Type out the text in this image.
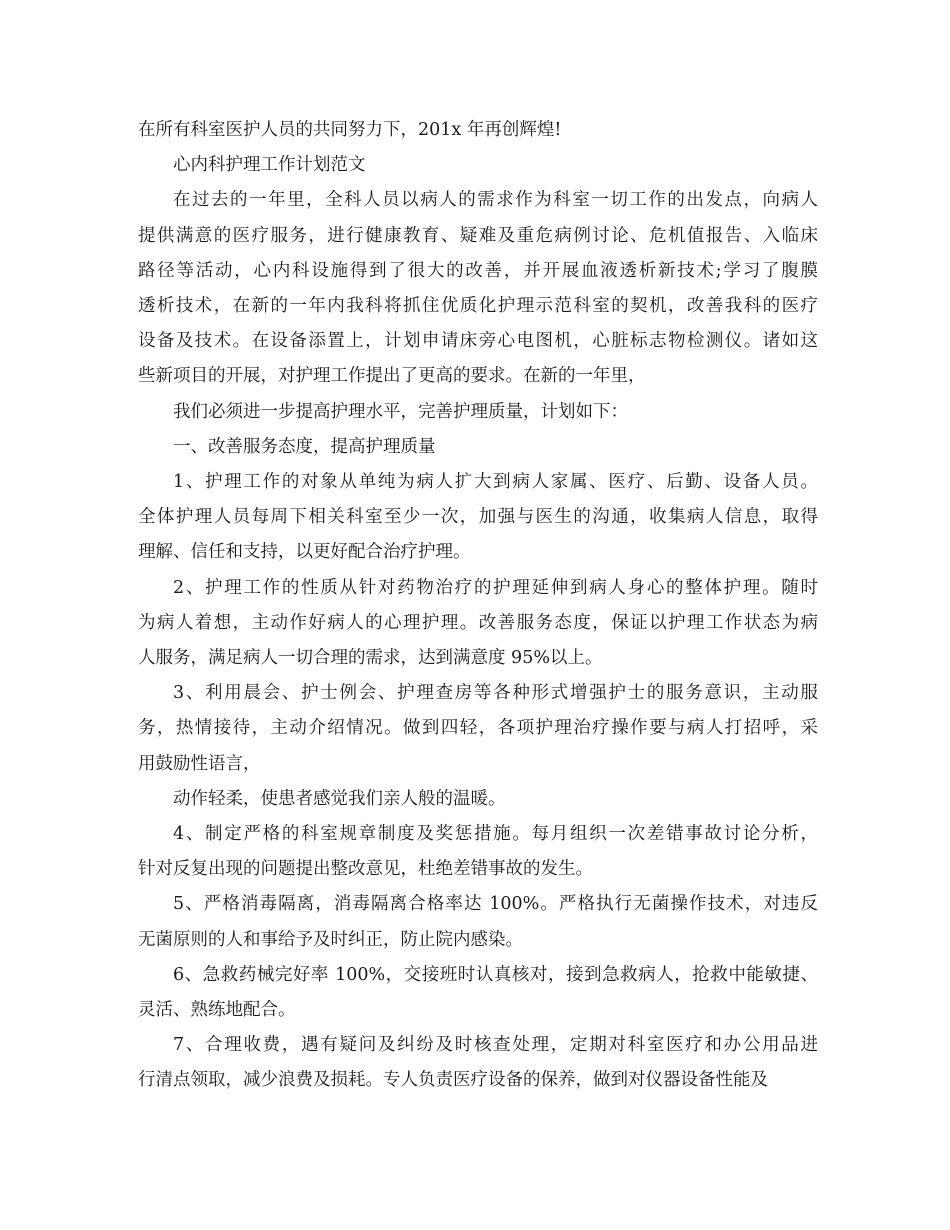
在所有科室医护人员的共同努力下，201x 年再创辉煌!
心内科护理工作计划范文
在过去的一年里，全科人员以病人的需求作为科室一切工作的出发点，向病人
提供满意的医疗服务，进行健康教育、疑难及重危病例讨论、危机值报告、入临床
路径等活动，心内科设施得到了很大的改善，并开展血液透析新技术;学习了腹膜
透析技术，在新的一年内我科将抓住优质化护理示范科室的契机，改善我科的医疗
设备及技术。在设备添置上，计划申请床旁心电图机，心脏标志物检测仪。诸如这
些新项目的开展，对护理工作提出了更高的要求。在新的一年里，
我们必须进一步提高护理水平，完善护理质量，计划如下：
一、改善服务态度，提高护理质量
1、护理工作的对象从单纯为病人扩大到病人家属、医疗、后勤、设备人员。
全体护理人员每周下相关科室至少一次，加强与医生的沟通，收集病人信息，取得
理解、信任和支持，以更好配合治疗护理。
2、护理工作的性质从针对药物治疗的护理延伸到病人身心的整体护理。随时
为病人着想，主动作好病人的心理护理。改善服务态度，保证以护理工作状态为病
人服务，满足病人一切合理的需求，达到满意度 95%以上。
3、利用晨会、护士例会、护理查房等各种形式增强护士的服务意识，主动服
务，热情接待，主动介绍情况。做到四轻，各项护理治疗操作要与病人打招呼，采
用鼓励性语言，
动作轻柔，使患者感觉我们亲人般的温暖。
4、制定严格的科室规章制度及奖惩措施。每月组织一次差错事故讨论分析，
针对反复出现的问题提出整改意见，杜绝差错事故的发生。
5、严格消毒隔离，消毒隔离合格率达 100%。严格执行无菌操作技术，对违反
无菌原则的人和事给予及时纠正，防止院内感染。
6、急救药械完好率 100%，交接班时认真核对，接到急救病人，抢救中能敏捷、
灵活、熟练地配合。
7、合理收费，遇有疑问及纠纷及时核查处理，定期对科室医疗和办公用品进
行清点领取，减少浪费及损耗。专人负责医疗设备的保养，做到对仪器设备性能及
